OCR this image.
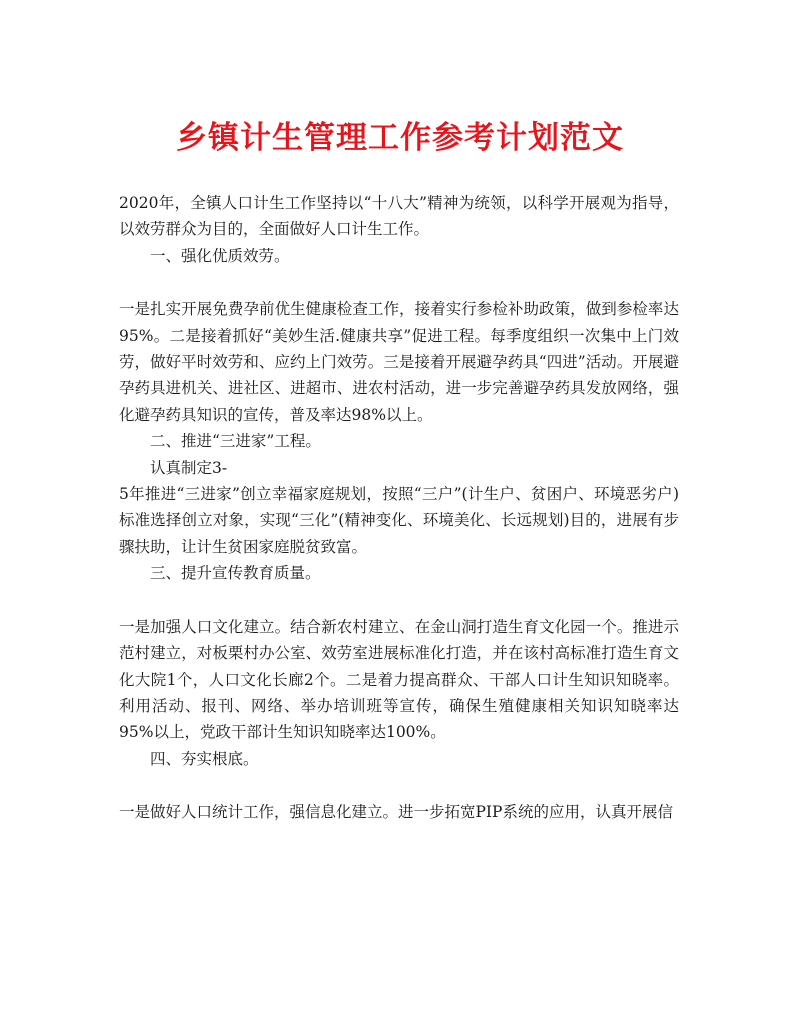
乡镇计生管理工作参考计划范文

2020年，全镇人口计生工作坚持以“十八大”精神为统领，以科学开展观为指导，以效劳群众为目的，全面做好人口计生工作。

一、强化优质效劳。

一是扎实开展免费孕前优生健康检查工作，接着实行参检补助政策，做到参检率达95%。二是接着抓好“美妙生活.健康共享”促进工程。每季度组织一次集中上门效劳，做好平时效劳和、应约上门效劳。三是接着开展避孕药具“四进”活动。开展避孕药具进机关、进社区、进超市、进农村活动，进一步完善避孕药具发放网络，强化避孕药具知识的宣传，普及率达98%以上。

二、推进“三进家”工程。

认真制定3-

5年推进“三进家”创立幸福家庭规划，按照“三户”(计生户、贫困户、环境恶劣户)标准选择创立对象，实现“三化”(精神变化、环境美化、长远规划)目的，进展有步骤扶助，让计生贫困家庭脱贫致富。

三、提升宣传教育质量。

一是加强人口文化建立。结合新农村建立、在金山洞打造生育文化园一个。推进示范村建立，对板栗村办公室、效劳室进展标准化打造，并在该村高标准打造生育文化大院1个，人口文化长廊2个。二是着力提高群众、干部人口计生知识知晓率。利用活动、报刊、网络、举办培训班等宣传，确保生殖健康相关知识知晓率达95%以上，党政干部计生知识知晓率达100%。

四、夯实根底。

一是做好人口统计工作，强信息化建立。进一步拓宽PIP系统的应用，认真开展信
